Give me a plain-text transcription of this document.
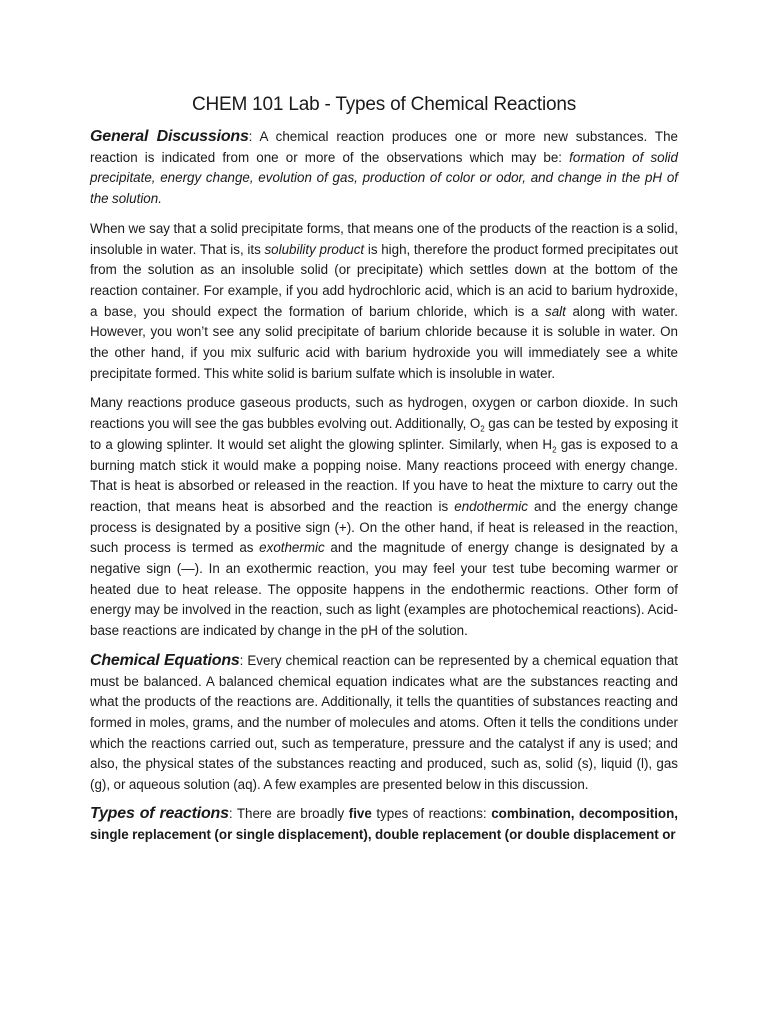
CHEM 101 Lab - Types of Chemical Reactions

General Discussions: A chemical reaction produces one or more new substances. The reaction is indicated from one or more of the observations which may be: formation of solid precipitate, energy change, evolution of gas, production of color or odor, and change in the pH of the solution.

When we say that a solid precipitate forms, that means one of the products of the reaction is a solid, insoluble in water. That is, its solubility product is high, therefore the product formed precipitates out from the solution as an insoluble solid (or precipitate) which settles down at the bottom of the reaction container. For example, if you add hydrochloric acid, which is an acid to barium hydroxide, a base, you should expect the formation of barium chloride, which is a salt along with water. However, you won’t see any solid precipitate of barium chloride because it is soluble in water. On the other hand, if you mix sulfuric acid with barium hydroxide you will immediately see a white precipitate formed. This white solid is barium sulfate which is insoluble in water.

Many reactions produce gaseous products, such as hydrogen, oxygen or carbon dioxide. In such reactions you will see the gas bubbles evolving out. Additionally, $O_2$ gas can be tested by exposing it to a glowing splinter. It would set alight the glowing splinter. Similarly, when $H_2$ gas is exposed to a burning match stick it would make a popping noise. Many reactions proceed with energy change. That is heat is absorbed or released in the reaction. If you have to heat the mixture to carry out the reaction, that means heat is absorbed and the reaction is endothermic and the energy change process is designated by a positive sign (+). On the other hand, if heat is released in the reaction, such process is termed as exothermic and the magnitude of energy change is designated by a negative sign (—). In an exothermic reaction, you may feel your test tube becoming warmer or heated due to heat release. The opposite happens in the endothermic reactions. Other form of energy may be involved in the reaction, such as light (examples are photochemical reactions). Acid-base reactions are indicated by change in the pH of the solution.

Chemical Equations: Every chemical reaction can be represented by a chemical equation that must be balanced. A balanced chemical equation indicates what are the substances reacting and what the products of the reactions are. Additionally, it tells the quantities of substances reacting and formed in moles, grams, and the number of molecules and atoms. Often it tells the conditions under which the reactions carried out, such as temperature, pressure and the catalyst if any is used; and also, the physical states of the substances reacting and produced, such as, solid (s), liquid (l), gas (g), or aqueous solution (aq). A few examples are presented below in this discussion.

Types of reactions: There are broadly five types of reactions: combination, decomposition, single replacement (or single displacement), double replacement (or double displacement or
